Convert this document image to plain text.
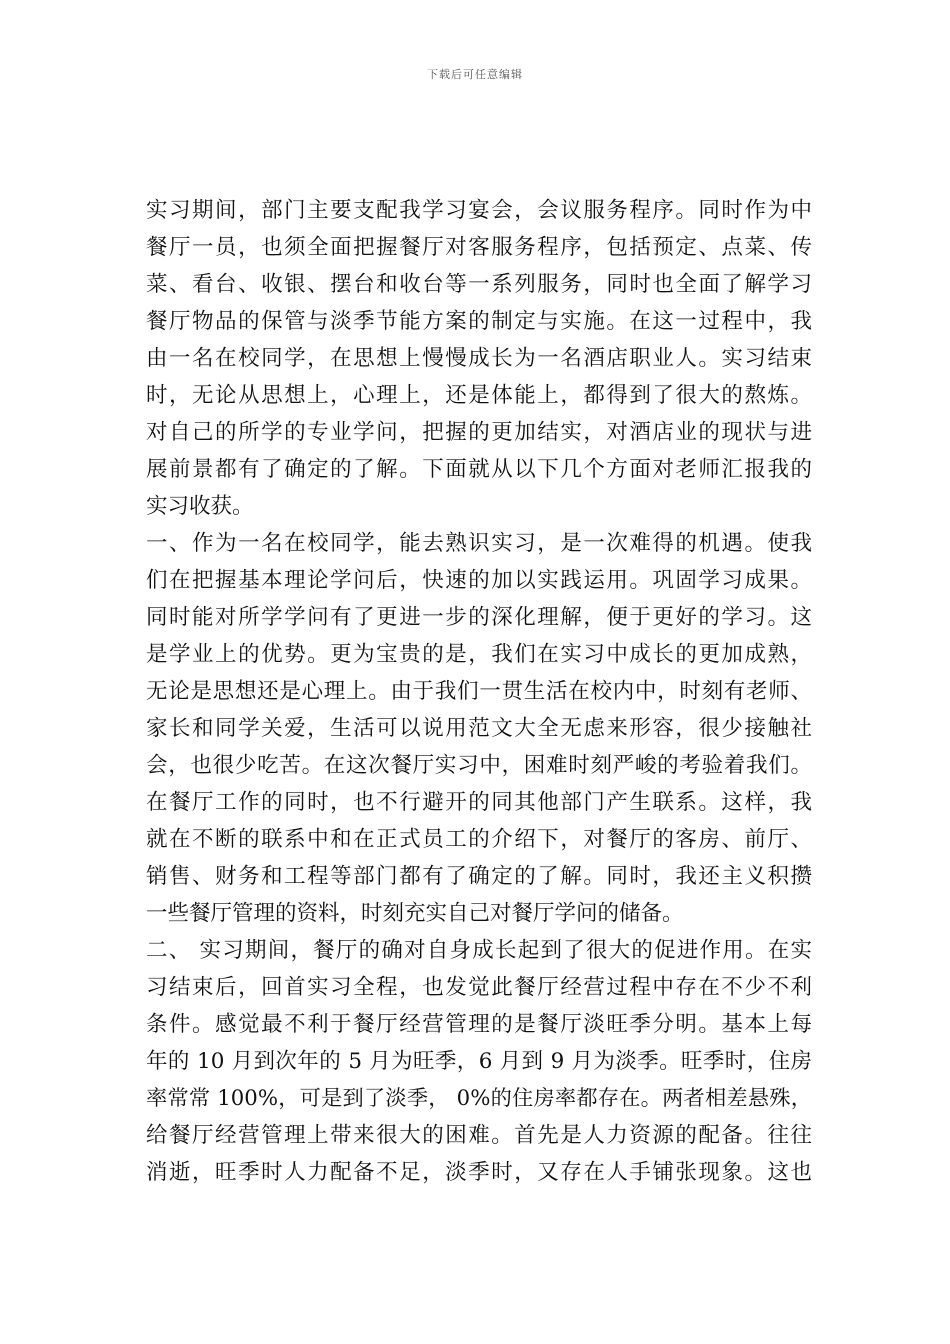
下载后可任意编辑
实习期间，部门主要支配我学习宴会，会议服务程序。同时作为中
餐厅一员，也须全面把握餐厅对客服务程序，包括预定、点菜、传
菜、看台、收银、摆台和收台等一系列服务，同时也全面了解学习
餐厅物品的保管与淡季节能方案的制定与实施。在这一过程中，我
由一名在校同学，在思想上慢慢成长为一名酒店职业人。实习结束
时，无论从思想上，心理上，还是体能上，都得到了很大的熬炼。
对自己的所学的专业学问，把握的更加结实，对酒店业的现状与进
展前景都有了确定的了解。下面就从以下几个方面对老师汇报我的
实习收获。
一、作为一名在校同学，能去熟识实习，是一次难得的机遇。使我
们在把握基本理论学问后，快速的加以实践运用。巩固学习成果。
同时能对所学学问有了更进一步的深化理解，便于更好的学习。这
是学业上的优势。更为宝贵的是，我们在实习中成长的更加成熟，
无论是思想还是心理上。由于我们一贯生活在校内中，时刻有老师、
家长和同学关爱，生活可以说用范文大全无虑来形容，很少接触社
会，也很少吃苦。在这次餐厅实习中，困难时刻严峻的考验着我们。
在餐厅工作的同时，也不行避开的同其他部门产生联系。这样，我
就在不断的联系中和在正式员工的介绍下，对餐厅的客房、前厅、
销售、财务和工程等部门都有了确定的了解。同时，我还主义积攒
一些餐厅管理的资料，时刻充实自己对餐厅学问的储备。
二、 实习期间，餐厅的确对自身成长起到了很大的促进作用。在实
习结束后，回首实习全程，也发觉此餐厅经营过程中存在不少不利
条件。感觉最不利于餐厅经营管理的是餐厅淡旺季分明。基本上每
年的 10 月到次年的 5 月为旺季，6 月到 9 月为淡季。旺季时，住房
率常常 100%，可是到了淡季， 0%的住房率都存在。两者相差悬殊，
给餐厅经营管理上带来很大的困难。首先是人力资源的配备。往往
消逝，旺季时人力配备不足，淡季时，又存在人手铺张现象。这也
